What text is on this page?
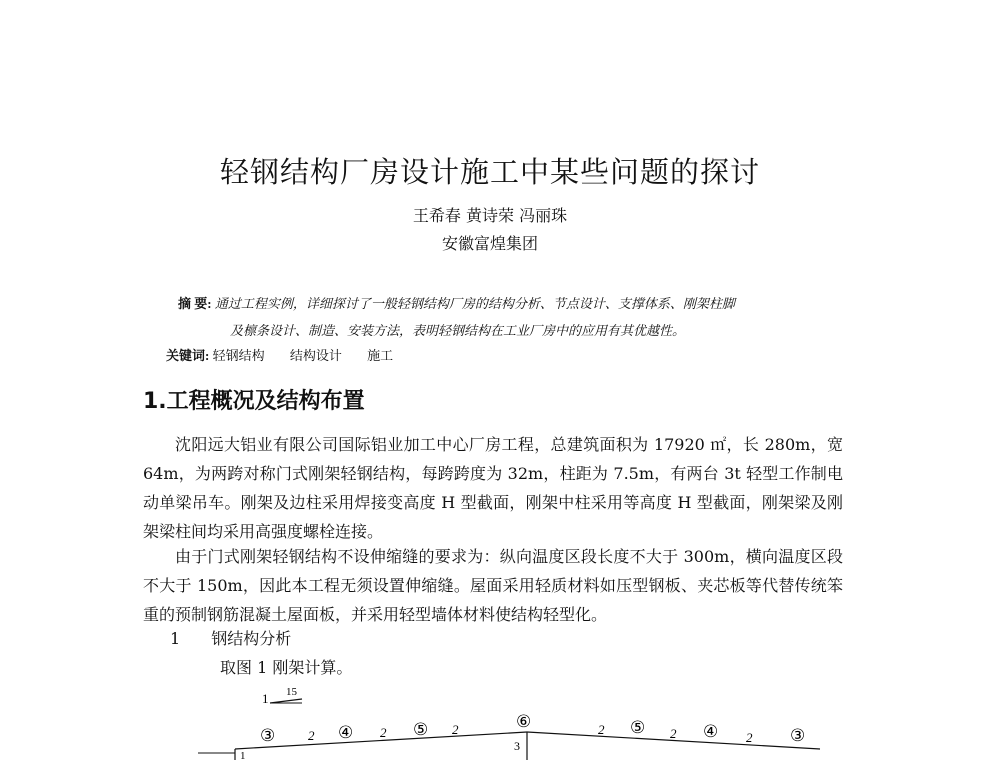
轻钢结构厂房设计施工中某些问题的探讨
王希春 黄诗荣 冯丽珠
安徽富煌集团
摘 要: 通过工程实例，详细探讨了一般轻钢结构厂房的结构分析、节点设计、支撑体系、刚架柱脚
及檩条设计、制造、安装方法，表明轻钢结构在工业厂房中的应用有其优越性。
关键词: 轻钢结构 结构设计 施工
1.工程概况及结构布置

沈阳远大铝业有限公司国际铝业加工中心厂房工程，总建筑面积为 17920 ㎡，长 280m，宽 64m，为两跨对称门式刚架轻钢结构，每跨跨度为 32m，柱距为 7.5m，有两台 3t 轻型工作制电动单梁吊车。刚架及边柱采用焊接变高度 H 型截面，刚架中柱采用等高度 H 型截面，刚架梁及刚架梁柱间均采用高强度螺栓连接。

由于门式刚架轻钢结构不设伸缩缝的要求为：纵向温度区段长度不大于 300m，横向温度区段不大于 150m，因此本工程无须设置伸缩缝。屋面采用轻质材料如压型钢板、夹芯板等代替传统笨重的预制钢筋混凝土屋面板，并采用轻型墙体材料使结构轻型化。

1 钢结构分析
取图 1 刚架计算。
1 15
3
1
③	④	⑤	⑥	⑤	④	③
2	2	2	2	2	2
